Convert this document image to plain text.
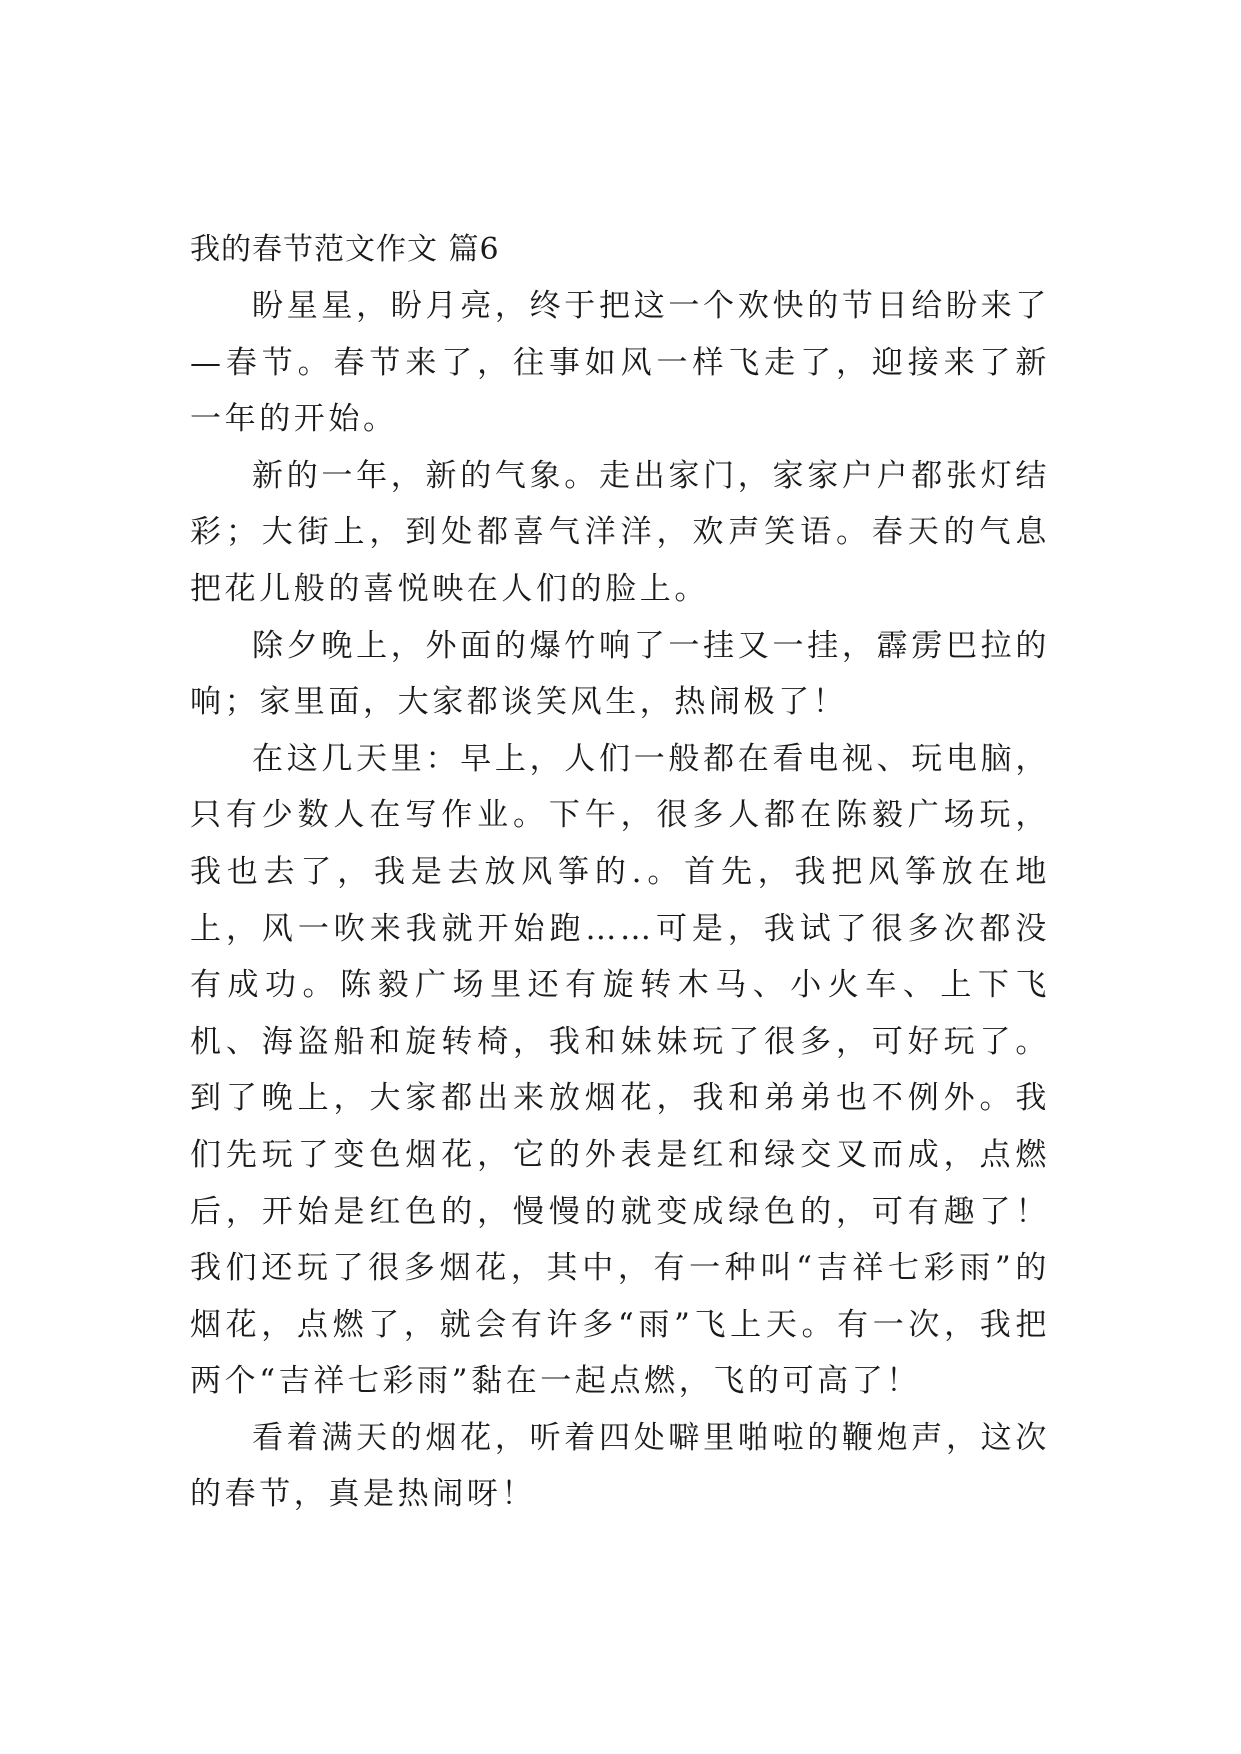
我的春节范文作文 篇6

盼星星，盼月亮，终于把这一个欢快的节日给盼来了—春节。春节来了，往事如风一样飞走了，迎接来了新一年的开始。

新的一年，新的气象。走出家门，家家户户都张灯结彩；大街上，到处都喜气洋洋，欢声笑语。春天的气息把花儿般的喜悦映在人们的脸上。

除夕晚上，外面的爆竹响了一挂又一挂，霹雳巴拉的响；家里面，大家都谈笑风生，热闹极了！

在这几天里：早上，人们一般都在看电视、玩电脑，只有少数人在写作业。下午，很多人都在陈毅广场玩，我也去了，我是去放风筝的.。首先，我把风筝放在地上，风一吹来我就开始跑……可是，我试了很多次都没有成功。陈毅广场里还有旋转木马、小火车、上下飞机、海盗船和旋转椅，我和妹妹玩了很多，可好玩了。到了晚上，大家都出来放烟花，我和弟弟也不例外。我们先玩了变色烟花，它的外表是红和绿交叉而成，点燃后，开始是红色的，慢慢的就变成绿色的，可有趣了！我们还玩了很多烟花，其中，有一种叫“吉祥七彩雨”的烟花，点燃了，就会有许多“雨”飞上天。有一次，我把两个“吉祥七彩雨”黏在一起点燃，飞的可高了！

看着满天的烟花，听着四处噼里啪啦的鞭炮声，这次的春节，真是热闹呀！
